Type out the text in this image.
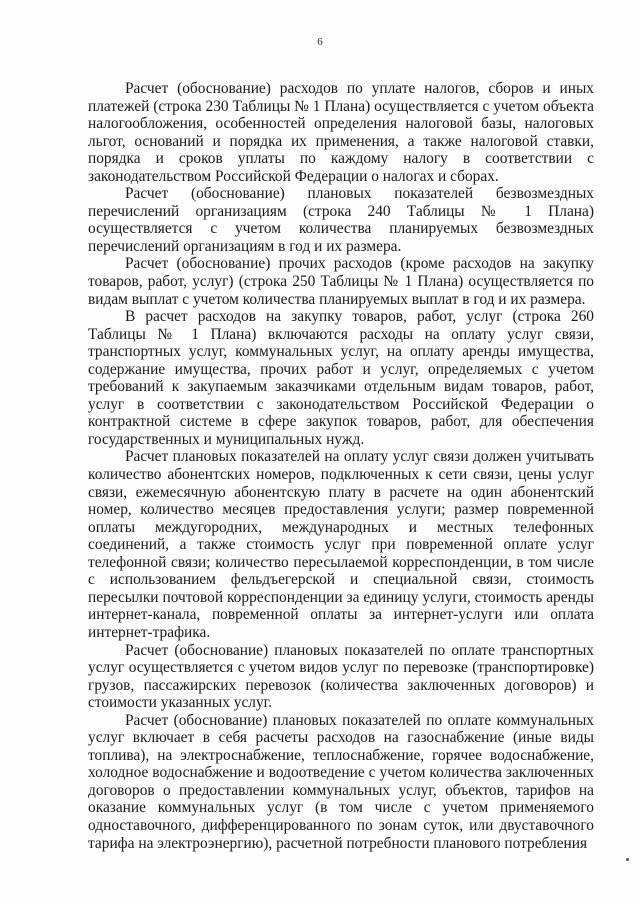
6

Расчет (обоснование) расходов по уплате налогов, сборов и иных платежей (строка 230 Таблицы № 1 Плана) осуществляется с учетом объекта налогообложения, особенностей определения налоговой базы, налоговых льгот, оснований и порядка их применения, а также налоговой ставки, порядка и сроков уплаты по каждому налогу в соответствии с законодательством Российской Федерации о налогах и сборах.

Расчет (обоснование) плановых показателей безвозмездных перечислений организациям (строка 240 Таблицы № 1 Плана) осуществляется с учетом количества планируемых безвозмездных перечислений организациям в год и их размера.

Расчет (обоснование) прочих расходов (кроме расходов на закупку товаров, работ, услуг) (строка 250 Таблицы № 1 Плана) осуществляется по видам выплат с учетом количества планируемых выплат в год и их размера.

В расчет расходов на закупку товаров, работ, услуг (строка 260 Таблицы № 1 Плана) включаются расходы на оплату услуг связи, транспортных услуг, коммунальных услуг, на оплату аренды имущества, содержание имущества, прочих работ и услуг, определяемых с учетом требований к закупаемым заказчиками отдельным видам товаров, работ, услуг в соответствии с законодательством Российской Федерации о контрактной системе в сфере закупок товаров, работ, для обеспечения государственных и муниципальных нужд.

Расчет плановых показателей на оплату услуг связи должен учитывать количество абонентских номеров, подключенных к сети связи, цены услуг связи, ежемесячную абонентскую плату в расчете на один абонентский номер, количество месяцев предоставления услуги; размер повременной оплаты междугородних, международных и местных телефонных соединений, а также стоимость услуг при повременной оплате услуг телефонной связи; количество пересылаемой корреспонденции, в том числе с использованием фельдъегерской и специальной связи, стоимость пересылки почтовой корреспонденции за единицу услуги, стоимость аренды интернет-канала, повременной оплаты за интернет-услуги или оплата интернет-трафика.

Расчет (обоснование) плановых показателей по оплате транспортных услуг осуществляется с учетом видов услуг по перевозке (транспортировке) грузов, пассажирских перевозок (количества заключенных договоров) и стоимости указанных услуг.

Расчет (обоснование) плановых показателей по оплате коммунальных услуг включает в себя расчеты расходов на газоснабжение (иные виды топлива), на электроснабжение, теплоснабжение, горячее водоснабжение, холодное водоснабжение и водоотведение с учетом количества заключенных договоров о предоставлении коммунальных услуг, объектов, тарифов на оказание коммунальных услуг (в том числе с учетом применяемого одноставочного, дифференцированного по зонам суток, или двуставочного тарифа на электроэнергию), расчетной потребности планового потребления
